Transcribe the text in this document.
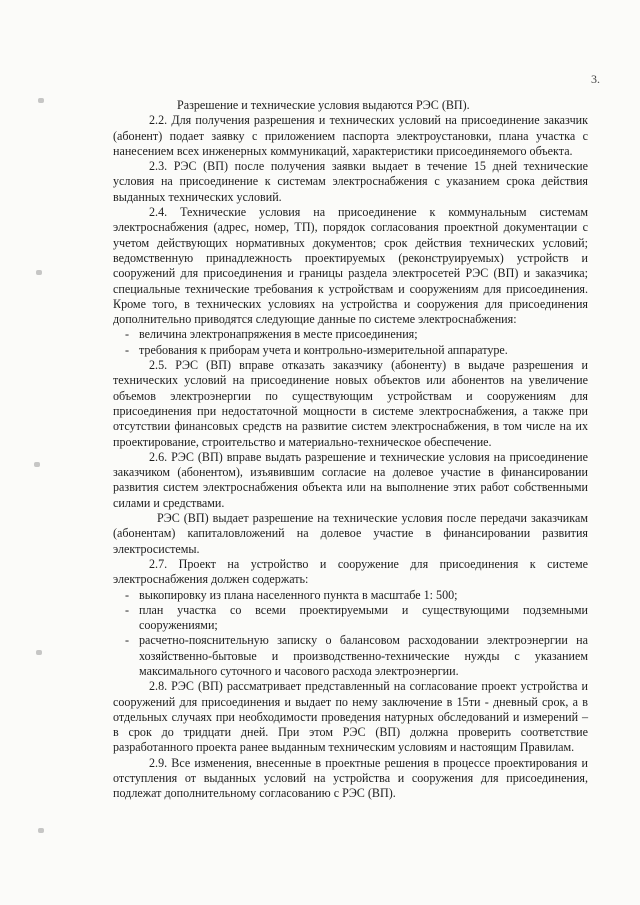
3.

Разрешение и технические условия выдаются РЭС (ВП).

2.2. Для получения разрешения и технических условий на присоединение заказчик (абонент) подает заявку с приложением паспорта электроустановки, плана участка с нанесением всех инженерных коммуникаций, характеристики присоединяемого объекта.

2.3. РЭС (ВП) после получения заявки выдает в течение 15 дней технические условия на присоединение к системам электроснабжения с указанием срока действия выданных технических условий.

2.4. Технические условия на присоединение к коммунальным системам электроснабжения (адрес, номер, ТП), порядок согласования проектной документации с учетом действующих нормативных документов; срок действия технических условий; ведомственную принадлежность проектируемых (реконструируемых) устройств и сооружений для присоединения и границы раздела электросетей РЭС (ВП) и заказчика; специальные технические требования к устройствам и сооружениям для присоединения. Кроме того, в технических условиях на устройства и сооружения для присоединения дополнительно приводятся следующие данные по системе электроснабжения:

- величина электронапряжения в месте присоединения;
- требования к приборам учета и контрольно-измерительной аппаратуре.

2.5. РЭС (ВП) вправе отказать заказчику (абоненту) в выдаче разрешения и технических условий на присоединение новых объектов или абонентов на увеличение объемов электроэнергии по существующим устройствам и сооружениям для присоединения при недостаточной мощности в системе электроснабжения, а также при отсутствии финансовых средств на развитие систем электроснабжения, в том числе на их проектирование, строительство и материально-техническое обеспечение.

2.6. РЭС (ВП) вправе выдать разрешение и технические условия на присоединение заказчиком (абонентом), изъявившим согласие на долевое участие в финансировании развития систем электроснабжения объекта или на выполнение этих работ собственными силами и средствами.

РЭС (ВП) выдает разрешение на технические условия после передачи заказчикам (абонентам) капиталовложений на долевое участие в финансировании развития электросистемы.

2.7. Проект на устройство и сооружение для присоединения к системе электроснабжения должен содержать:

- выкопировку из плана населенного пункта в масштабе 1: 500;
- план участка со всеми проектируемыми и существующими подземными сооружениями;
- расчетно-пояснительную записку о балансовом расходовании электроэнергии на хозяйственно-бытовые и производственно-технические нужды с указанием максимального суточного и часового расхода электроэнергии.

2.8. РЭС (ВП) рассматривает представленный на согласование проект устройства и сооружений для присоединения и выдает по нему заключение в 15ти - дневный срок, а в отдельных случаях при необходимости проведения натурных обследований и измерений – в срок до тридцати дней. При этом РЭС (ВП) должна проверить соответствие разработанного проекта ранее выданным техническим условиям и настоящим Правилам.

2.9. Все изменения, внесенные в проектные решения в процессе проектирования и отступления от выданных условий на устройства и сооружения для присоединения, подлежат дополнительному согласованию с РЭС (ВП).
